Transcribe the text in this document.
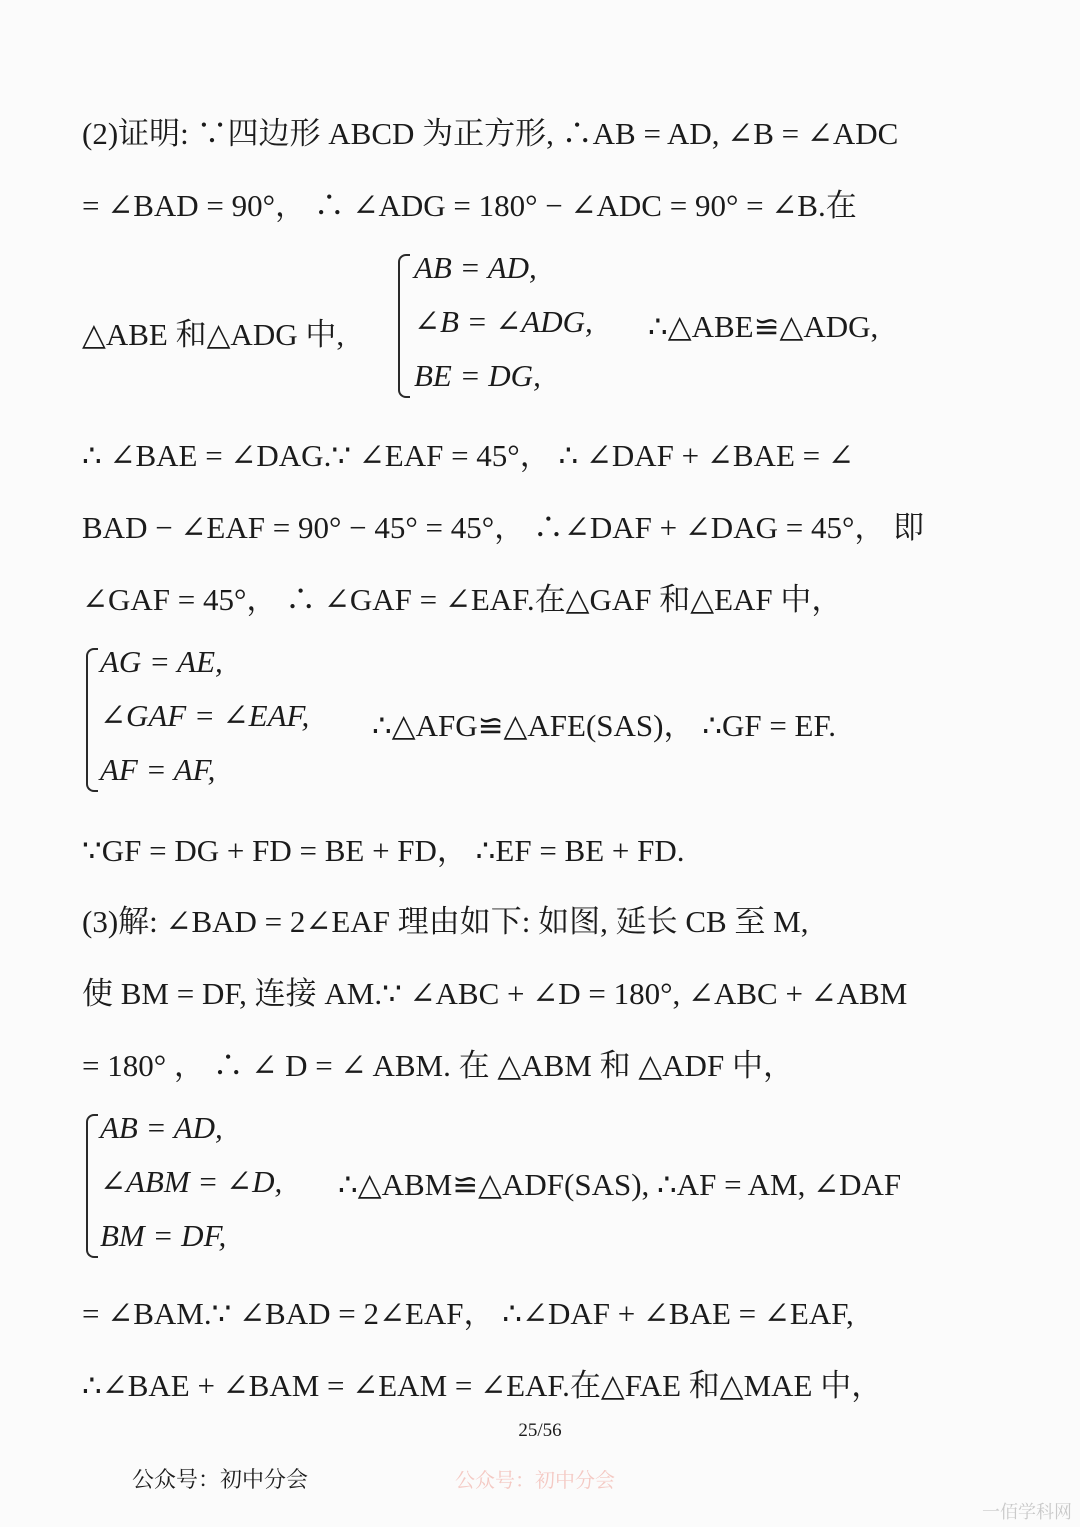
(2)证明: ∵四边形 ABCD 为正方形, ∴AB = AD, ∠B = ∠ADC
= ∠BAD = 90°， ∴ ∠ADG = 180° − ∠ADC = 90° = ∠B.在
△ABE 和△ADG 中,
AB = AD,
∠B = ∠ADG,
BE = DG,
∴△ABE≌△ADG,
∴ ∠BAE = ∠DAG.∵ ∠EAF = 45°， ∴ ∠DAF + ∠BAE = ∠
BAD − ∠EAF = 90° − 45° = 45°， ∴∠DAF + ∠DAG = 45°， 即
∠GAF = 45°， ∴ ∠GAF = ∠EAF.在△GAF 和△EAF 中，
AG = AE,
∠GAF = ∠EAF,
AF = AF,
∴△AFG≌△AFE(SAS)， ∴GF = EF.
∵GF = DG + FD = BE + FD， ∴EF = BE + FD.
(3)解: ∠BAD = 2∠EAF 理由如下: 如图, 延长 CB 至 M,
使 BM = DF, 连接 AM.∵ ∠ABC + ∠D = 180°, ∠ABC + ∠ABM
= 180° ， ∴ ∠ D = ∠ ABM. 在 △ABM 和 △ADF 中，
AB = AD,
∠ABM = ∠D,
BM = DF,
∴△ABM≌△ADF(SAS), ∴AF = AM, ∠DAF
= ∠BAM.∵ ∠BAD = 2∠EAF， ∴∠DAF + ∠BAE = ∠EAF,
∴∠BAE + ∠BAM = ∠EAM = ∠EAF.在△FAE 和△MAE 中，
25/56
公众号：初中分会	公众号：初中分会
一佰学科网
